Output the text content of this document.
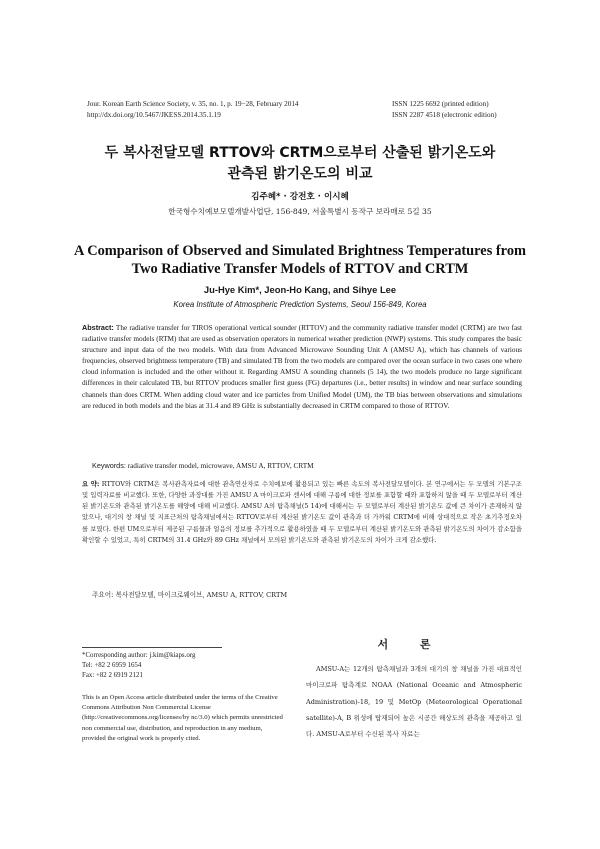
Jour. Korean Earth Science Society, v. 35, no. 1, p. 19−28, February 2014
http://dx.doi.org/10.5467/JKESS.2014.35.1.19
ISSN 1225 6692 (printed edition)
ISSN 2287 4518 (electronic edition)
두 복사전달모델 RTTOV와 CRTM으로부터 산출된 밝기온도와
관측된 밝기온도의 비교
김주혜* · 강전호 · 이시혜
한국형수치예보모델개발사업단, 156-849, 서울특별시 동작구 보라매로 5길 35
A Comparison of Observed and Simulated Brightness Temperatures from
Two Radiative Transfer Models of RTTOV and CRTM
Ju-Hye Kim*, Jeon-Ho Kang, and Sihye Lee
Korea Institute of Atmospheric Prediction Systems, Seoul 156-849, Korea
Abstract: The radiative transfer for TIROS operational vertical sounder (RTTOV) and the community radiative transfer model (CRTM) are two fast radiative transfer models (RTM) that are used as observation operators in numerical weather prediction (NWP) systems. This study compares the basic structure and input data of the two models. With data from Advanced Microwave Sounding Unit A (AMSU A), which has channels of various frequencies, observed brightness temperature (TB) and simulated TB from the two models are compared over the ocean surface in two cases one where cloud information is included and the other without it. Regarding AMSU A sounding channels (5 14), the two models produce no large significant differences in their calculated TB, but RTTOV produces smaller first guess (FG) departures (i.e., better results) in window and near surface sounding channels than does CRTM. When adding cloud water and ice particles from Unified Model (UM), the TB bias between observations and simulations are reduced in both models and the bias at 31.4 and 89 GHz is substantially decreased in CRTM compared to those of RTTOV.
Keywords: radiative transfer model, microwave, AMSU A, RTTOV, CRTM
요 약: RTTOV와 CRTM은 복사관측자료에 대한 관측연산자로 수치예보에 활용되고 있는 빠른 속도의 복사전달모델이다. 본 연구에서는 두 모델의 기본구조 및 입력자료를 비교했다. 또한, 다양한 과장대를 가진 AMSU A 마이크로파 센서에 대해 구름에 대한 정보를 포함할 때와 포함하지 않을 때 두 모델로부터 계산된 밝기온도와 관측된 밝기온도를 해양에 대해 비교했다. AMSU A의 탐측채널(5 14)에 대해서는 두 모델로부터 계산된 밝기온도 값에 큰 차이가 존재하지 않았으나, 대기의 창 채널 및 지표근처의 탐측채널에서는 RTTOV로부터 계산된 밝기온도 값이 관측과 더 가까워 CRTM에 비해 상대적으로 작은 초기추정오차를 보였다. 한편 UM으로부터 제공된 구름물과 얼음의 정보를 추가적으로 활용하였을 때 두 모델로부터 계산된 밝기온도와 관측된 밝기온도의 차이가 감소함을 확인할 수 있었고, 특히 CRTM의 31.4 GHz와 89 GHz 채널에서 모의된 밝기온도와 관측된 밝기온도의 차이가 크게 감소했다.
주요어: 복사전달모델, 마이크로웨이브, AMSU A, RTTOV, CRTM
*Corresponding author: j.kim@kiaps.org
Tel: +82 2 6959 1654
Fax: +82 2 6919 2121
This is an Open Access article distributed under the terms of the Creative Commons Attribution Non Commercial License (http://creativecommons.org/licenses/by nc/3.0) which permits unrestricted non commercial use, distribution, and reproduction in any medium, provided the original work is properly cited.
서 론
AMSU-A는 12개의 탐측채널과 3개의 대기의 창 채널을 가진 대표적인 마이크로파 탐측계로 NOAA (National Oceanic and Atmospheric Administration)-18, 19 및 MetOp (Meteorological Operational satellite)-A, B 위성에 탑재되어 높은 시공간 해상도의 관측을 제공하고 있다. AMSU-A로부터 수신된 복사 자료는
